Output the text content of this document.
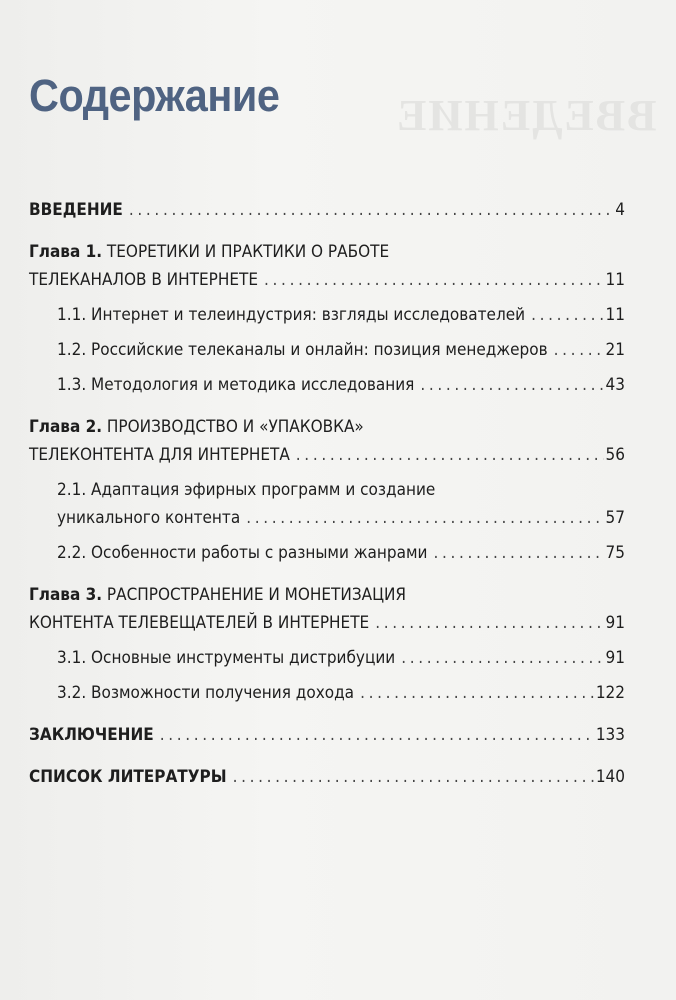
ВВЕДЕНИЕ
Содержание
ВВЕДЕНИЕ . . .	4
Глава 1. ТЕОРЕТИКИ И ПРАКТИКИ О РАБОТЕ
ТЕЛЕКАНАЛОВ В ИНТЕРНЕТЕ . . .	11
1.1. Интернет и телеиндустрия: взгляды исследователей . . .	11
1.2. Российские телеканалы и онлайн: позиция менеджеров . . .	21
1.3. Методология и методика исследования . . .	43
Глава 2. ПРОИЗВОДСТВО И «УПАКОВКА»
ТЕЛЕКОНТЕНТА ДЛЯ ИНТЕРНЕТА . . .	56
2.1. Адаптация эфирных программ и создание
уникального контента . . .	57
2.2. Особенности работы с разными жанрами . . .	75
Глава 3. РАСПРОСТРАНЕНИЕ И МОНЕТИЗАЦИЯ
КОНТЕНТА ТЕЛЕВЕЩАТЕЛЕЙ В ИНТЕРНЕТЕ . . .	91
3.1. Основные инструменты дистрибуции . . .	91
3.2. Возможности получения дохода . . .	122
ЗАКЛЮЧЕНИЕ . . .	133
СПИСОК ЛИТЕРАТУРЫ . . .	140
